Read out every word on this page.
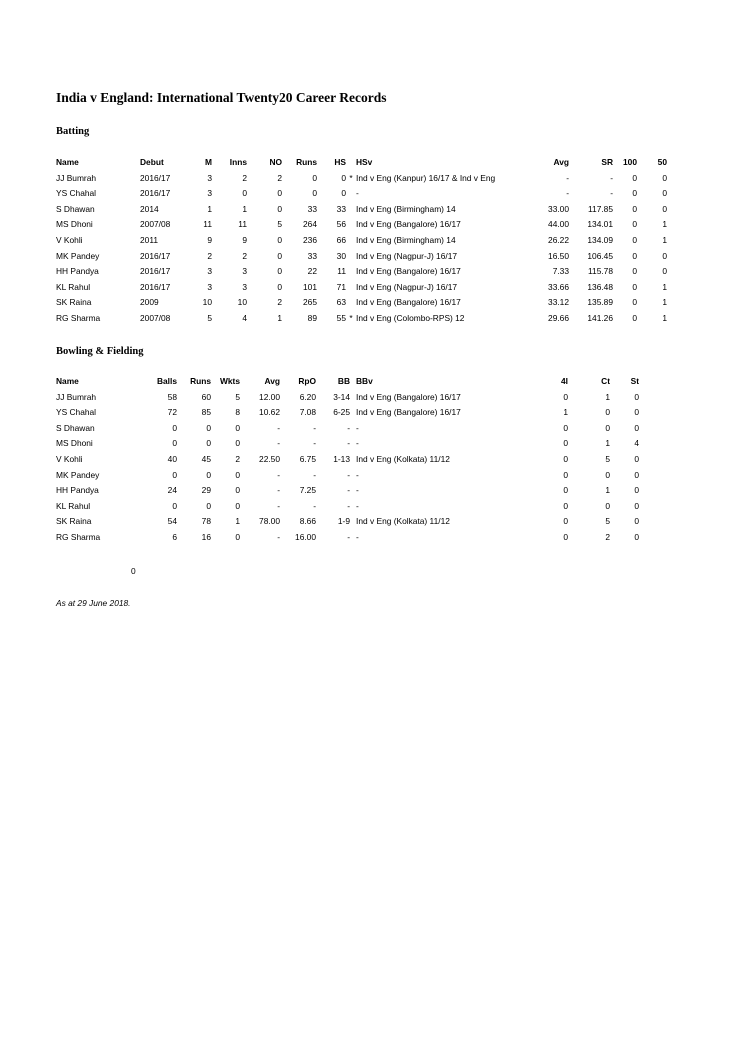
India v England: International Twenty20 Career Records
Batting
Name	Debut	M	Inns	NO	Runs	HS		HSv	Avg	SR	100	50
JJ Bumrah	2016/17	3	2	2	0	0	*	Ind v Eng (Kanpur) 16/17 & Ind v Eng	-	-	0	0
YS Chahal	2016/17	3	0	0	0	0		-	-	-	0	0
S Dhawan	2014	1	1	0	33	33		Ind v Eng (Birmingham) 14	33.00	117.85	0	0
MS Dhoni	2007/08	11	11	5	264	56		Ind v Eng (Bangalore) 16/17	44.00	134.01	0	1
V Kohli	2011	9	9	0	236	66		Ind v Eng (Birmingham) 14	26.22	134.09	0	1
MK Pandey	2016/17	2	2	0	33	30		Ind v Eng (Nagpur-J) 16/17	16.50	106.45	0	0
HH Pandya	2016/17	3	3	0	22	11		Ind v Eng (Bangalore) 16/17	7.33	115.78	0	0
KL Rahul	2016/17	3	3	0	101	71		Ind v Eng (Nagpur-J) 16/17	33.66	136.48	0	1
SK Raina	2009	10	10	2	265	63		Ind v Eng (Bangalore) 16/17	33.12	135.89	0	1
RG Sharma	2007/08	5	4	1	89	55	*	Ind v Eng (Colombo-RPS) 12	29.66	141.26	0	1
Bowling & Fielding
Name	Balls	Runs	Wkts	Avg	RpO	BB	BBv	4I	Ct	St
JJ Bumrah	58	60	5	12.00	6.20	3-14	Ind v Eng (Bangalore) 16/17	0	1	0
YS Chahal	72	85	8	10.62	7.08	6-25	Ind v Eng (Bangalore) 16/17	1	0	0
S Dhawan	0	0	0	-	-	-	-	0	0	0
MS Dhoni	0	0	0	-	-	-	-	0	1	4
V Kohli	40	45	2	22.50	6.75	1-13	Ind v Eng (Kolkata) 11/12	0	5	0
MK Pandey	0	0	0	-	-	-	-	0	0	0
HH Pandya	24	29	0	-	7.25	-	-	0	1	0
KL Rahul	0	0	0	-	-	-	-	0	0	0
SK Raina	54	78	1	78.00	8.66	1-9	Ind v Eng (Kolkata) 11/12	0	5	0
RG Sharma	6	16	0	-	16.00	-	-	0	2	0
0
As at 29 June 2018.
